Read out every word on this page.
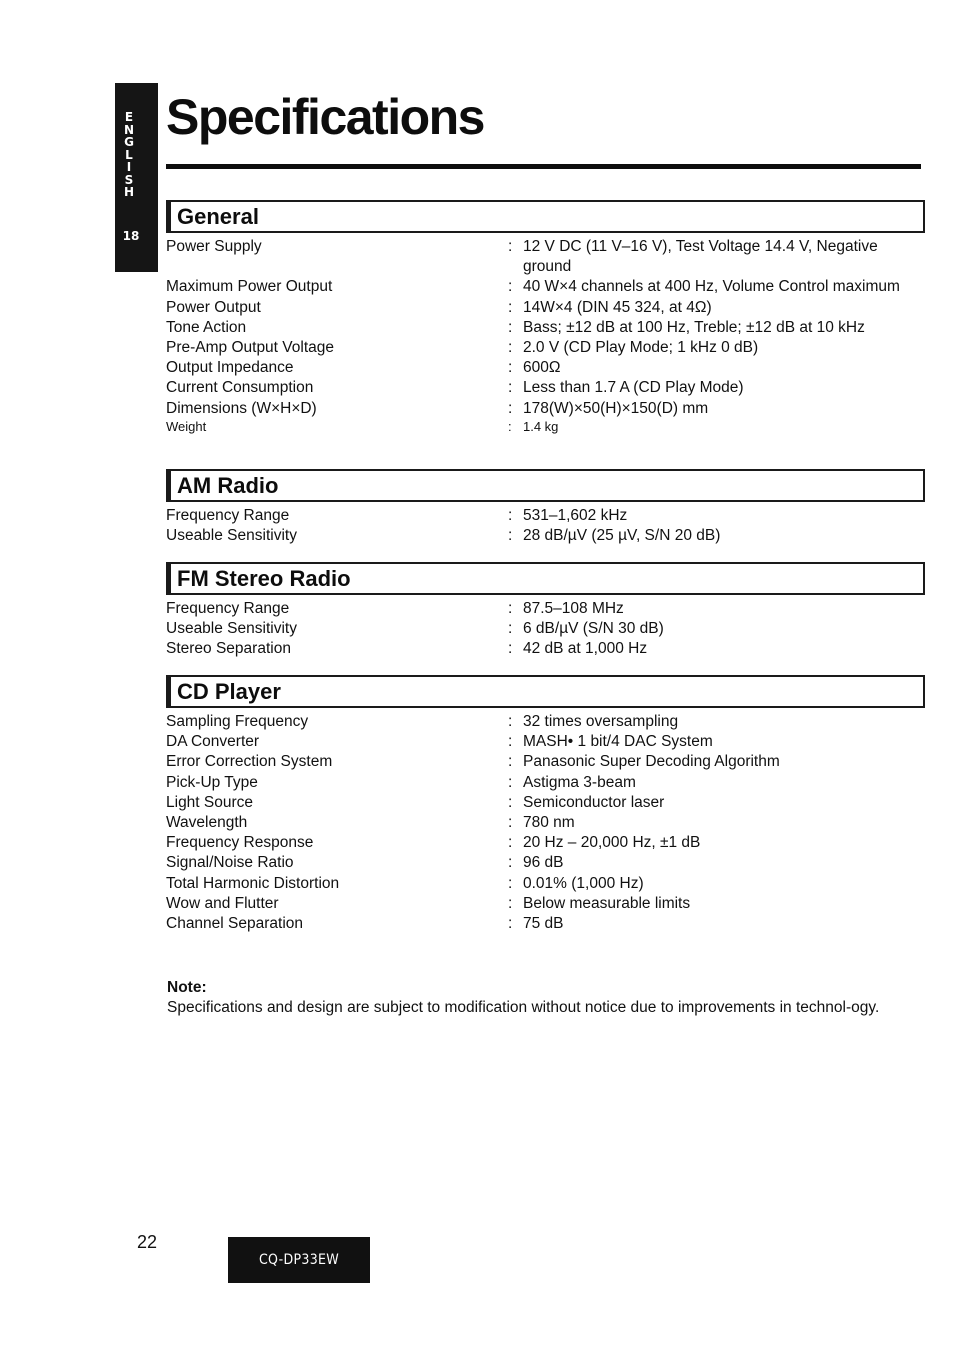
E
N
G
L
I
S
H
18
Specifications
General
Power Supply	: 12 V DC (11 V–16 V), Test Voltage 14.4 V, Negative ground
Maximum Power Output	: 40 W×4 channels at 400 Hz, Volume Control maximum
Power Output	: 14W×4 (DIN 45 324, at 4Ω)
Tone Action	: Bass; ±12 dB at 100 Hz, Treble; ±12 dB at 10 kHz
Pre-Amp Output Voltage	: 2.0 V (CD Play Mode; 1 kHz 0 dB)
Output Impedance	: 600Ω
Current Consumption	: Less than 1.7 A (CD Play Mode)
Dimensions (W×H×D)	: 178(W)×50(H)×150(D) mm
Weight	: 1.4 kg
AM Radio
Frequency Range	: 531–1,602 kHz
Useable Sensitivity	: 28 dB/µV (25 µV, S/N 20 dB)
FM Stereo Radio
Frequency Range	: 87.5–108 MHz
Useable Sensitivity	: 6 dB/µV (S/N 30 dB)
Stereo Separation	: 42 dB at 1,000 Hz
CD Player
Sampling Frequency	: 32 times oversampling
DA Converter	: MASH• 1 bit/4 DAC System
Error Correction System	: Panasonic Super Decoding Algorithm
Pick-Up Type	: Astigma 3-beam
Light Source	: Semiconductor laser
Wavelength	: 780 nm
Frequency Response	: 20 Hz – 20,000 Hz, ±1 dB
Signal/Noise Ratio	: 96 dB
Total Harmonic Distortion	: 0.01% (1,000 Hz)
Wow and Flutter	: Below measurable limits
Channel Separation	: 75 dB

Note:

Specifications and design are subject to modification without notice due to improvements in technol-ogy.

22
CQ-DP33EW
